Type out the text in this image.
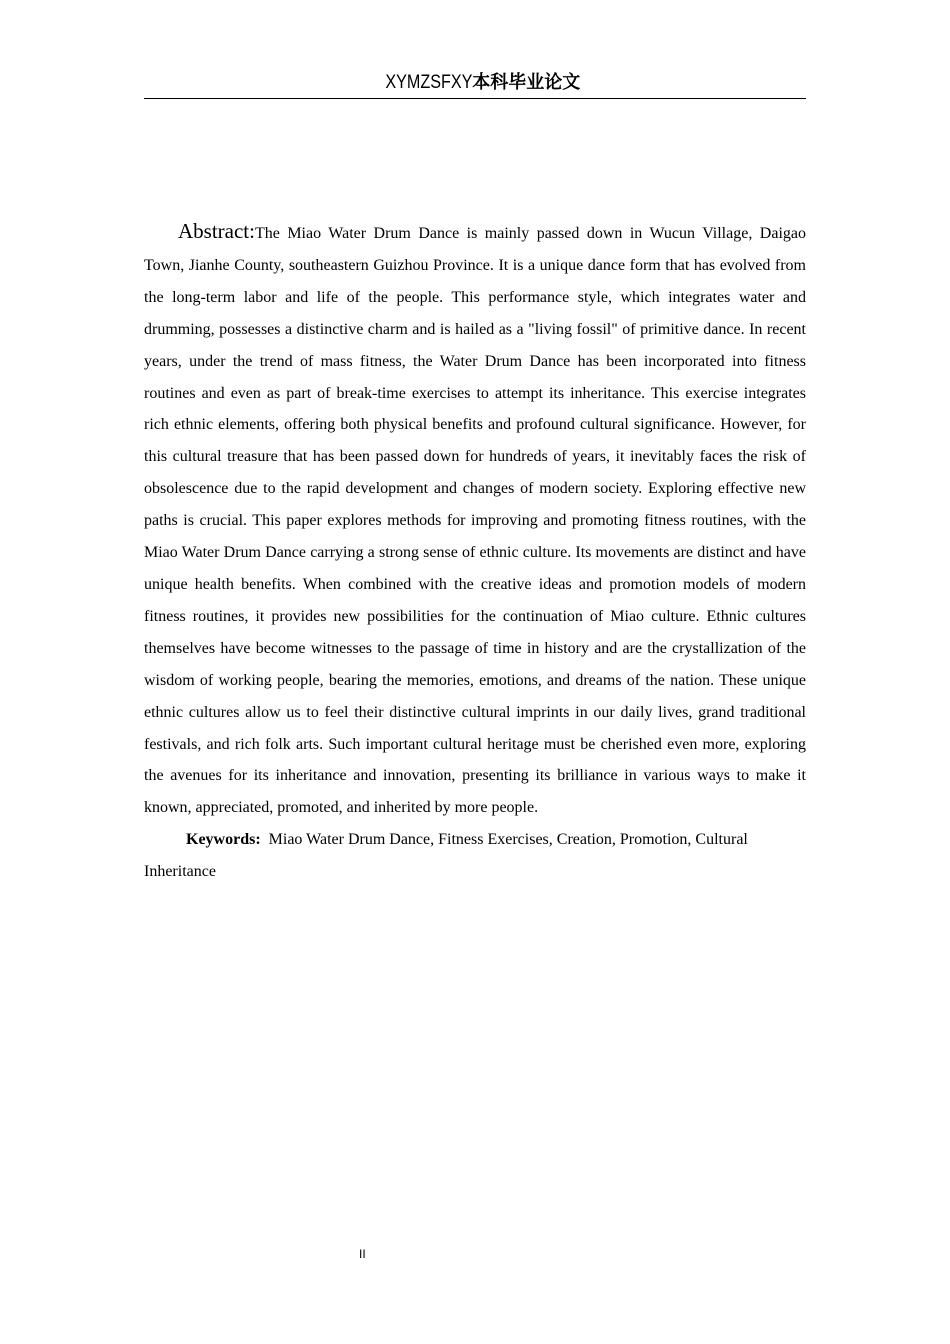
XYMZSFXY本科毕业论文

Abstract:The Miao Water Drum Dance is mainly passed down in Wucun Village, Daigao Town, Jianhe County, southeastern Guizhou Province. It is a unique dance form that has evolved from the long-term labor and life of the people. This performance style, which integrates water and drumming, possesses a distinctive charm and is hailed as a "living fossil" of primitive dance. In recent years, under the trend of mass fitness, the Water Drum Dance has been incorporated into fitness routines and even as part of break-time exercises to attempt its inheritance. This exercise integrates rich ethnic elements, offering both physical benefits and profound cultural significance. However, for this cultural treasure that has been passed down for hundreds of years, it inevitably faces the risk of obsolescence due to the rapid development and changes of modern society. Exploring effective new paths is crucial. This paper explores methods for improving and promoting fitness routines, with the Miao Water Drum Dance carrying a strong sense of ethnic culture. Its movements are distinct and have unique health benefits. When combined with the creative ideas and promotion models of modern fitness routines, it provides new possibilities for the continuation of Miao culture. Ethnic cultures themselves have become witnesses to the passage of time in history and are the crystallization of the wisdom of working people, bearing the memories, emotions, and dreams of the nation. These unique ethnic cultures allow us to feel their distinctive cultural imprints in our daily lives, grand traditional festivals, and rich folk arts. Such important cultural heritage must be cherished even more, exploring the avenues for its inheritance and innovation, presenting its brilliance in various ways to make it known, appreciated, promoted, and inherited by more people.

Keywords: Miao Water Drum Dance, Fitness Exercises, Creation, Promotion, Cultural Inheritance

II
